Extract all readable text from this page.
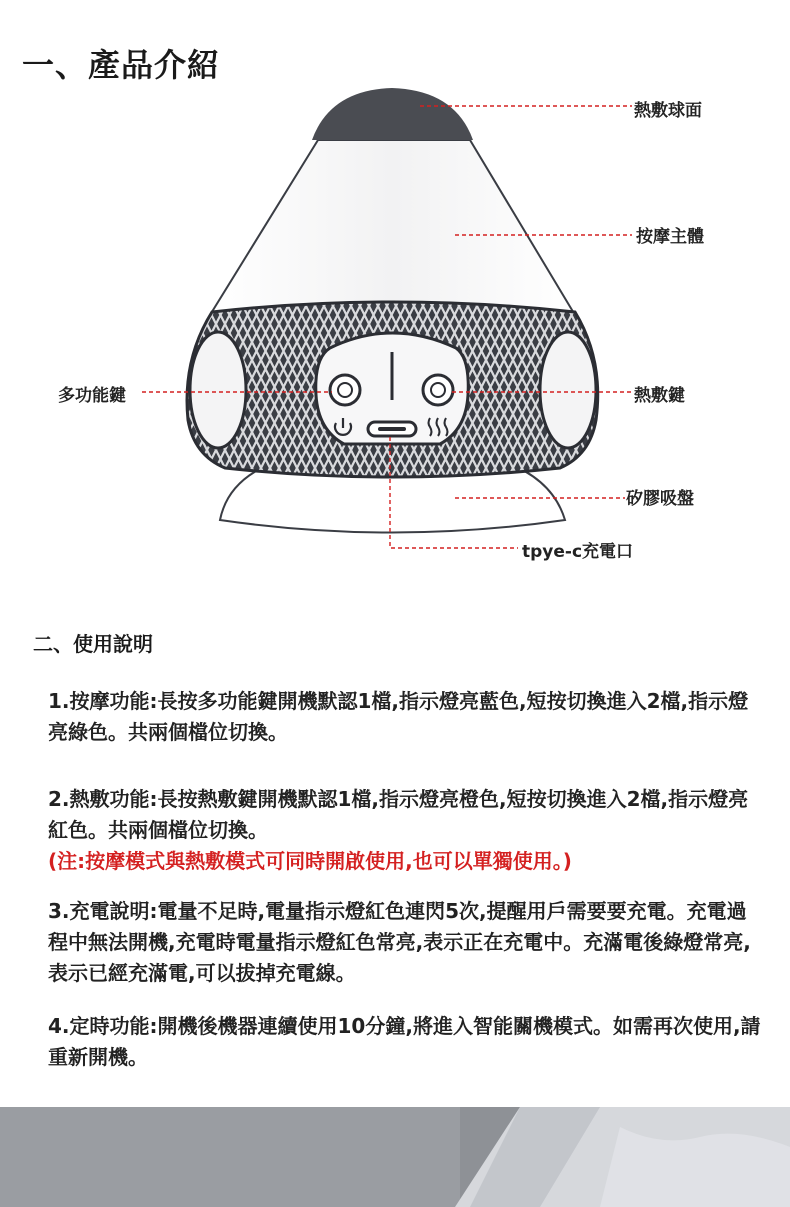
一、產品介紹
熱敷球面
按摩主體
多功能鍵	熱敷鍵
矽膠吸盤
tpye-c充電口
二、使用說明
1.按摩功能:長按多功能鍵開機默認1檔,指示燈亮藍色,短按切換進入2檔,指示燈亮綠色。共兩個檔位切換。
2.熱敷功能:長按熱敷鍵開機默認1檔,指示燈亮橙色,短按切換進入2檔,指示燈亮紅色。共兩個檔位切換。
(注:按摩模式與熱敷模式可同時開啟使用,也可以單獨使用。)
3.充電說明:電量不足時,電量指示燈紅色連閃5次,提醒用戶需要要充電。充電過程中無法開機,充電時電量指示燈紅色常亮,表示正在充電中。充滿電後綠燈常亮,表示已經充滿電,可以拔掉充電線。
4.定時功能:開機後機器連續使用10分鐘,將進入智能關機模式。如需再次使用,請重新開機。
